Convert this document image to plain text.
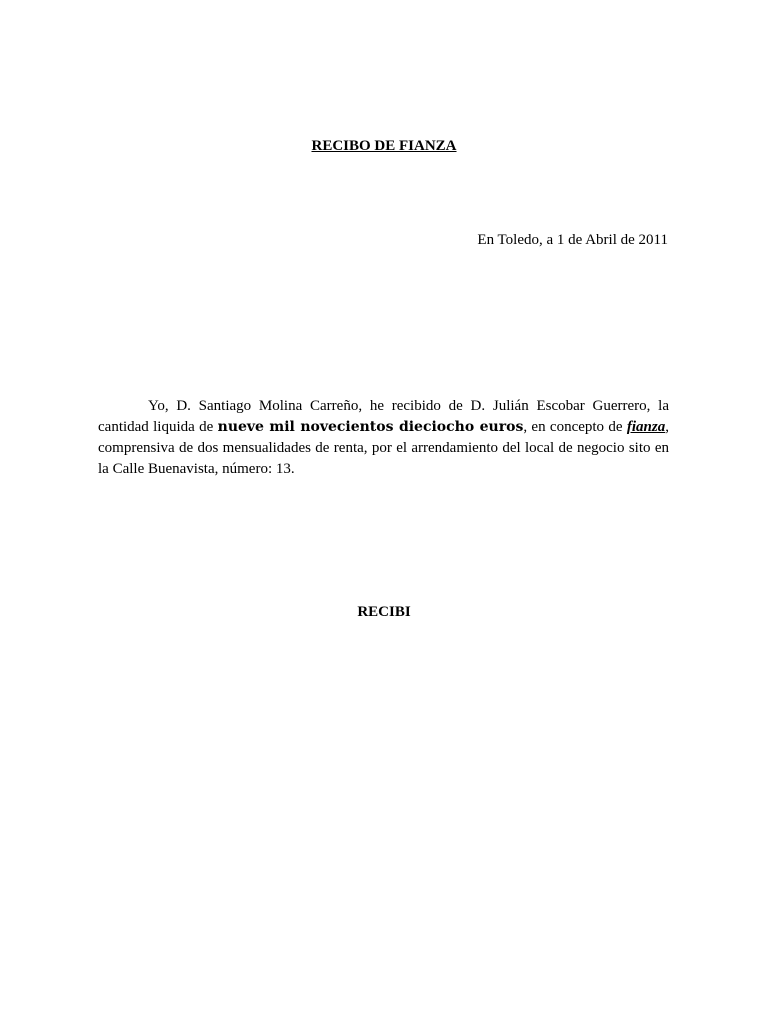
RECIBO DE FIANZA

En Toledo, a 1 de Abril de 2011

Yo, D. Santiago Molina Carreño, he recibido de D. Julián Escobar Guerrero, la cantidad liquida de nueve mil novecientos dieciocho euros, en concepto de fianza, comprensiva de dos mensualidades de renta, por el arrendamiento del local de negocio sito en la Calle Buenavista, número: 13.

RECIBI
